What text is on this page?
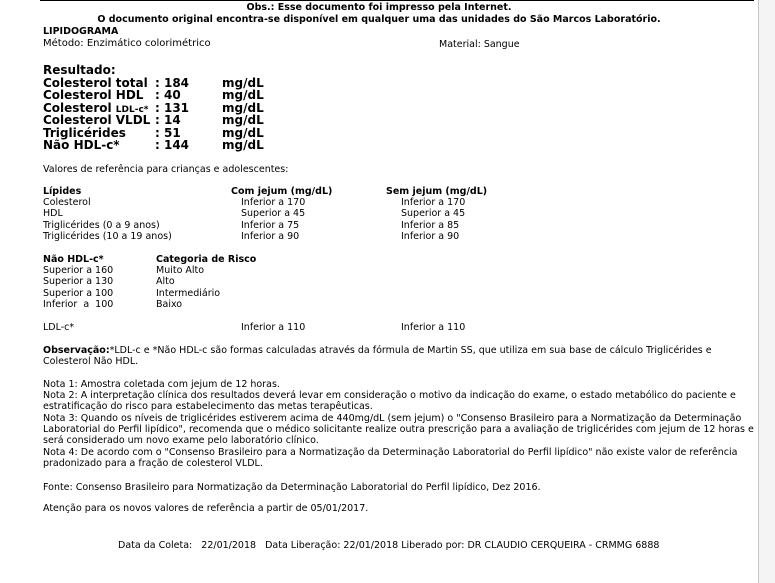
Obs.: Esse documento foi impresso pela Internet.
O documento original encontra-se disponível em qualquer uma das unidades do São Marcos Laboratório.
LIPIDOGRAMA
Método: Enzimático colorimétrico	Material: Sangue
Resultado:
Colesterol total : 184	mg/dL
Colesterol HDL : 40	mg/dL
Colesterol LDL-c* : 131	mg/dL
Colesterol VLDL : 14	mg/dL
Triglicérides : 51	mg/dL
Não HDL-c*	: 144	mg/dL
Valores de referência para crianças e adolescentes:
Lípides	Com jejum (mg/dL)	Sem jejum (mg/dL)
Colesterol	Inferior a 170	Inferior a 170
HDL	Superior a 45	Superior a 45
Triglicérides (0 a 9 anos)	Inferior a 75	Inferior a 85
Triglicérides (10 a 19 anos)	Inferior a 90	Inferior a 90
Não HDL-c*	Categoria de Risco
Superior a 160	Muito Alto
Superior a 130	Alto
Superior a 100	Intermediário
Inferior  a  100	Baixo
LDL-c*	Inferior a 110	Inferior a 110
Observação:*LDL-c e *Não HDL-c são formas calculadas através da fórmula de Martin SS, que utiliza em sua base de cálculo Triglicérides e Colesterol Não HDL.
Nota 1: Amostra coletada com jejum de 12 horas.
Nota 2: A interpretação clínica dos resultados deverá levar em consideração o motivo da indicação do exame, o estado metabólico do paciente e estratificação do risco para estabelecimento das metas terapêuticas.
Nota 3: Quando os níveis de triglicérides estiverem acima de 440mg/dL (sem jejum) o "Consenso Brasileiro para a Normatização da Determinação Laboratorial do Perfil lipídico", recomenda que o médico solicitante realize outra prescrição para a avaliação de triglicérides com jejum de 12 horas e será considerado um novo exame pelo laboratório clínico.
Nota 4: De acordo com o "Consenso Brasileiro para a Normatização da Determinação Laboratorial do Perfil lipídico" não existe valor de referência pradonizado para a fração de colesterol VLDL.
Fonte: Consenso Brasileiro para Normatização da Determinação Laboratorial do Perfil lipídico, Dez 2016.
Atenção para os novos valores de referência a partir de 05/01/2017.
Data da Coleta: 22/01/2018 Data Liberação: 22/01/2018 Liberado por: DR CLAUDIO CERQUEIRA - CRMMG 6888
